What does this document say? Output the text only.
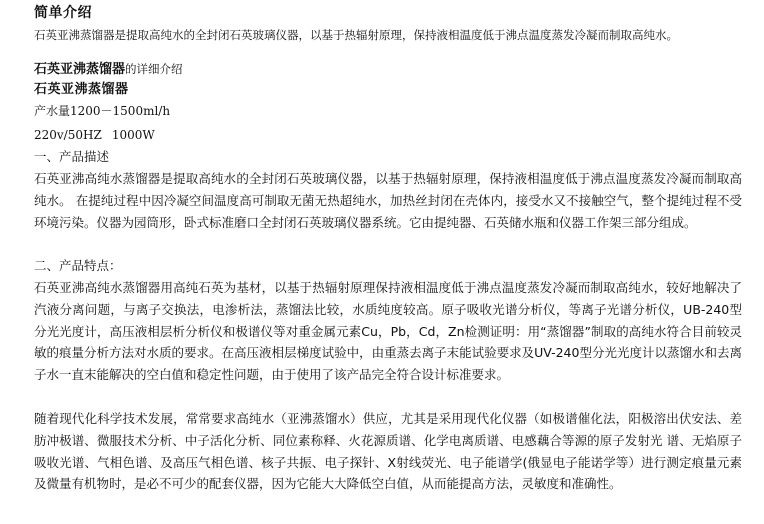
简单介绍
石英亚沸蒸馏器是提取高纯水的全封闭石英玻璃仪器，以基于热辐射原理，保持液相温度低于沸点温度蒸发冷凝而制取高纯水。
石英亚沸蒸馏器的详细介绍
石英亚沸蒸馏器
产水量1200－1500ml/h
220v/50HZ 1000W
一、产品描述

石英亚沸高纯水蒸馏器是提取高纯水的全封闭石英玻璃仪器，以基于热辐射原理，保持液相温度低于沸点温度蒸发冷凝而制取高纯水。 在提纯过程中因冷凝空间温度高可制取无菌无热超纯水，加热丝封闭在壳体内，接受水又不接触空气，整个提纯过程不受环境污染。仪器为园筒形，卧式标准磨口全封闭石英玻璃仪器系统。它由提纯器、石英储水瓶和仪器工作架三部分组成。

二、产品特点：

石英亚沸高纯水蒸馏器用高纯石英为基材，以基于热辐射原理保持液相温度低于沸点温度蒸发冷凝而制取高纯水，较好地解决了汽液分离问题，与离子交换法，电渗析法，蒸馏法比较，水质纯度较高。原子吸收光谱分析仪，等离子光谱分析仪，UB-240型分光光度计，高压液相层析分析仪和极谱仪等对重金属元素Cu，Pb，Cd，Zn检测证明：用“蒸馏器”制取的高纯水符合目前较灵敏的痕量分析方法对水质的要求。在高压液相层梯度试验中，由重蒸去离子末能试验要求及UV-240型分光光度计以蒸馏水和去离子水一直末能解决的空白值和稳定性问题，由于使用了该产品完全符合设计标准要求。

随着现代化科学技术发展，常常要求高纯水（亚沸蒸馏水）供应，尤其是采用现代化仪器（如极谱催化法，阳极溶出伏安法、差肪冲极谱、微服技术分析、中子活化分析、同位素称释、火花源质谱、化学电离质谱、电感藕合等源的原子发射光 谱、无焰原子吸收光谱、气相色谱、及高压气相色谱、核子共振、电子探针、X射线荧光、电子能谱学(俄显电子能诺学等）进行测定痕量元素及微量有机物时，是必不可少的配套仪器，因为它能大大降低空白值，从而能提高方法，灵敏度和准确性。
